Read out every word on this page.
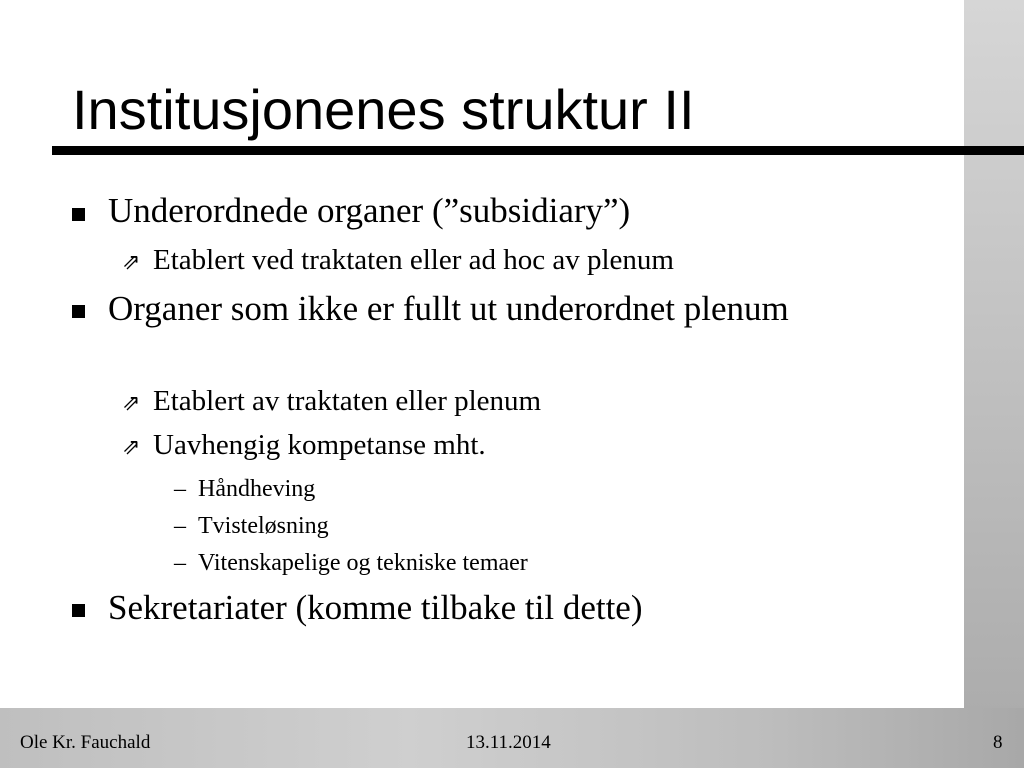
Institusjonenes struktur II
Underordnede organer (”subsidiary”)
⇗ Etablert ved traktaten eller ad hoc av plenum
Organer som ikke er fullt ut underordnet plenum
⇗ Etablert av traktaten eller plenum
⇗ Uavhengig kompetanse mht.
– Håndheving
– Tvisteløsning
– Vitenskapelige og tekniske temaer
Sekretariater (komme tilbake til dette)
Ole Kr. Fauchald	13.11.2014	8
